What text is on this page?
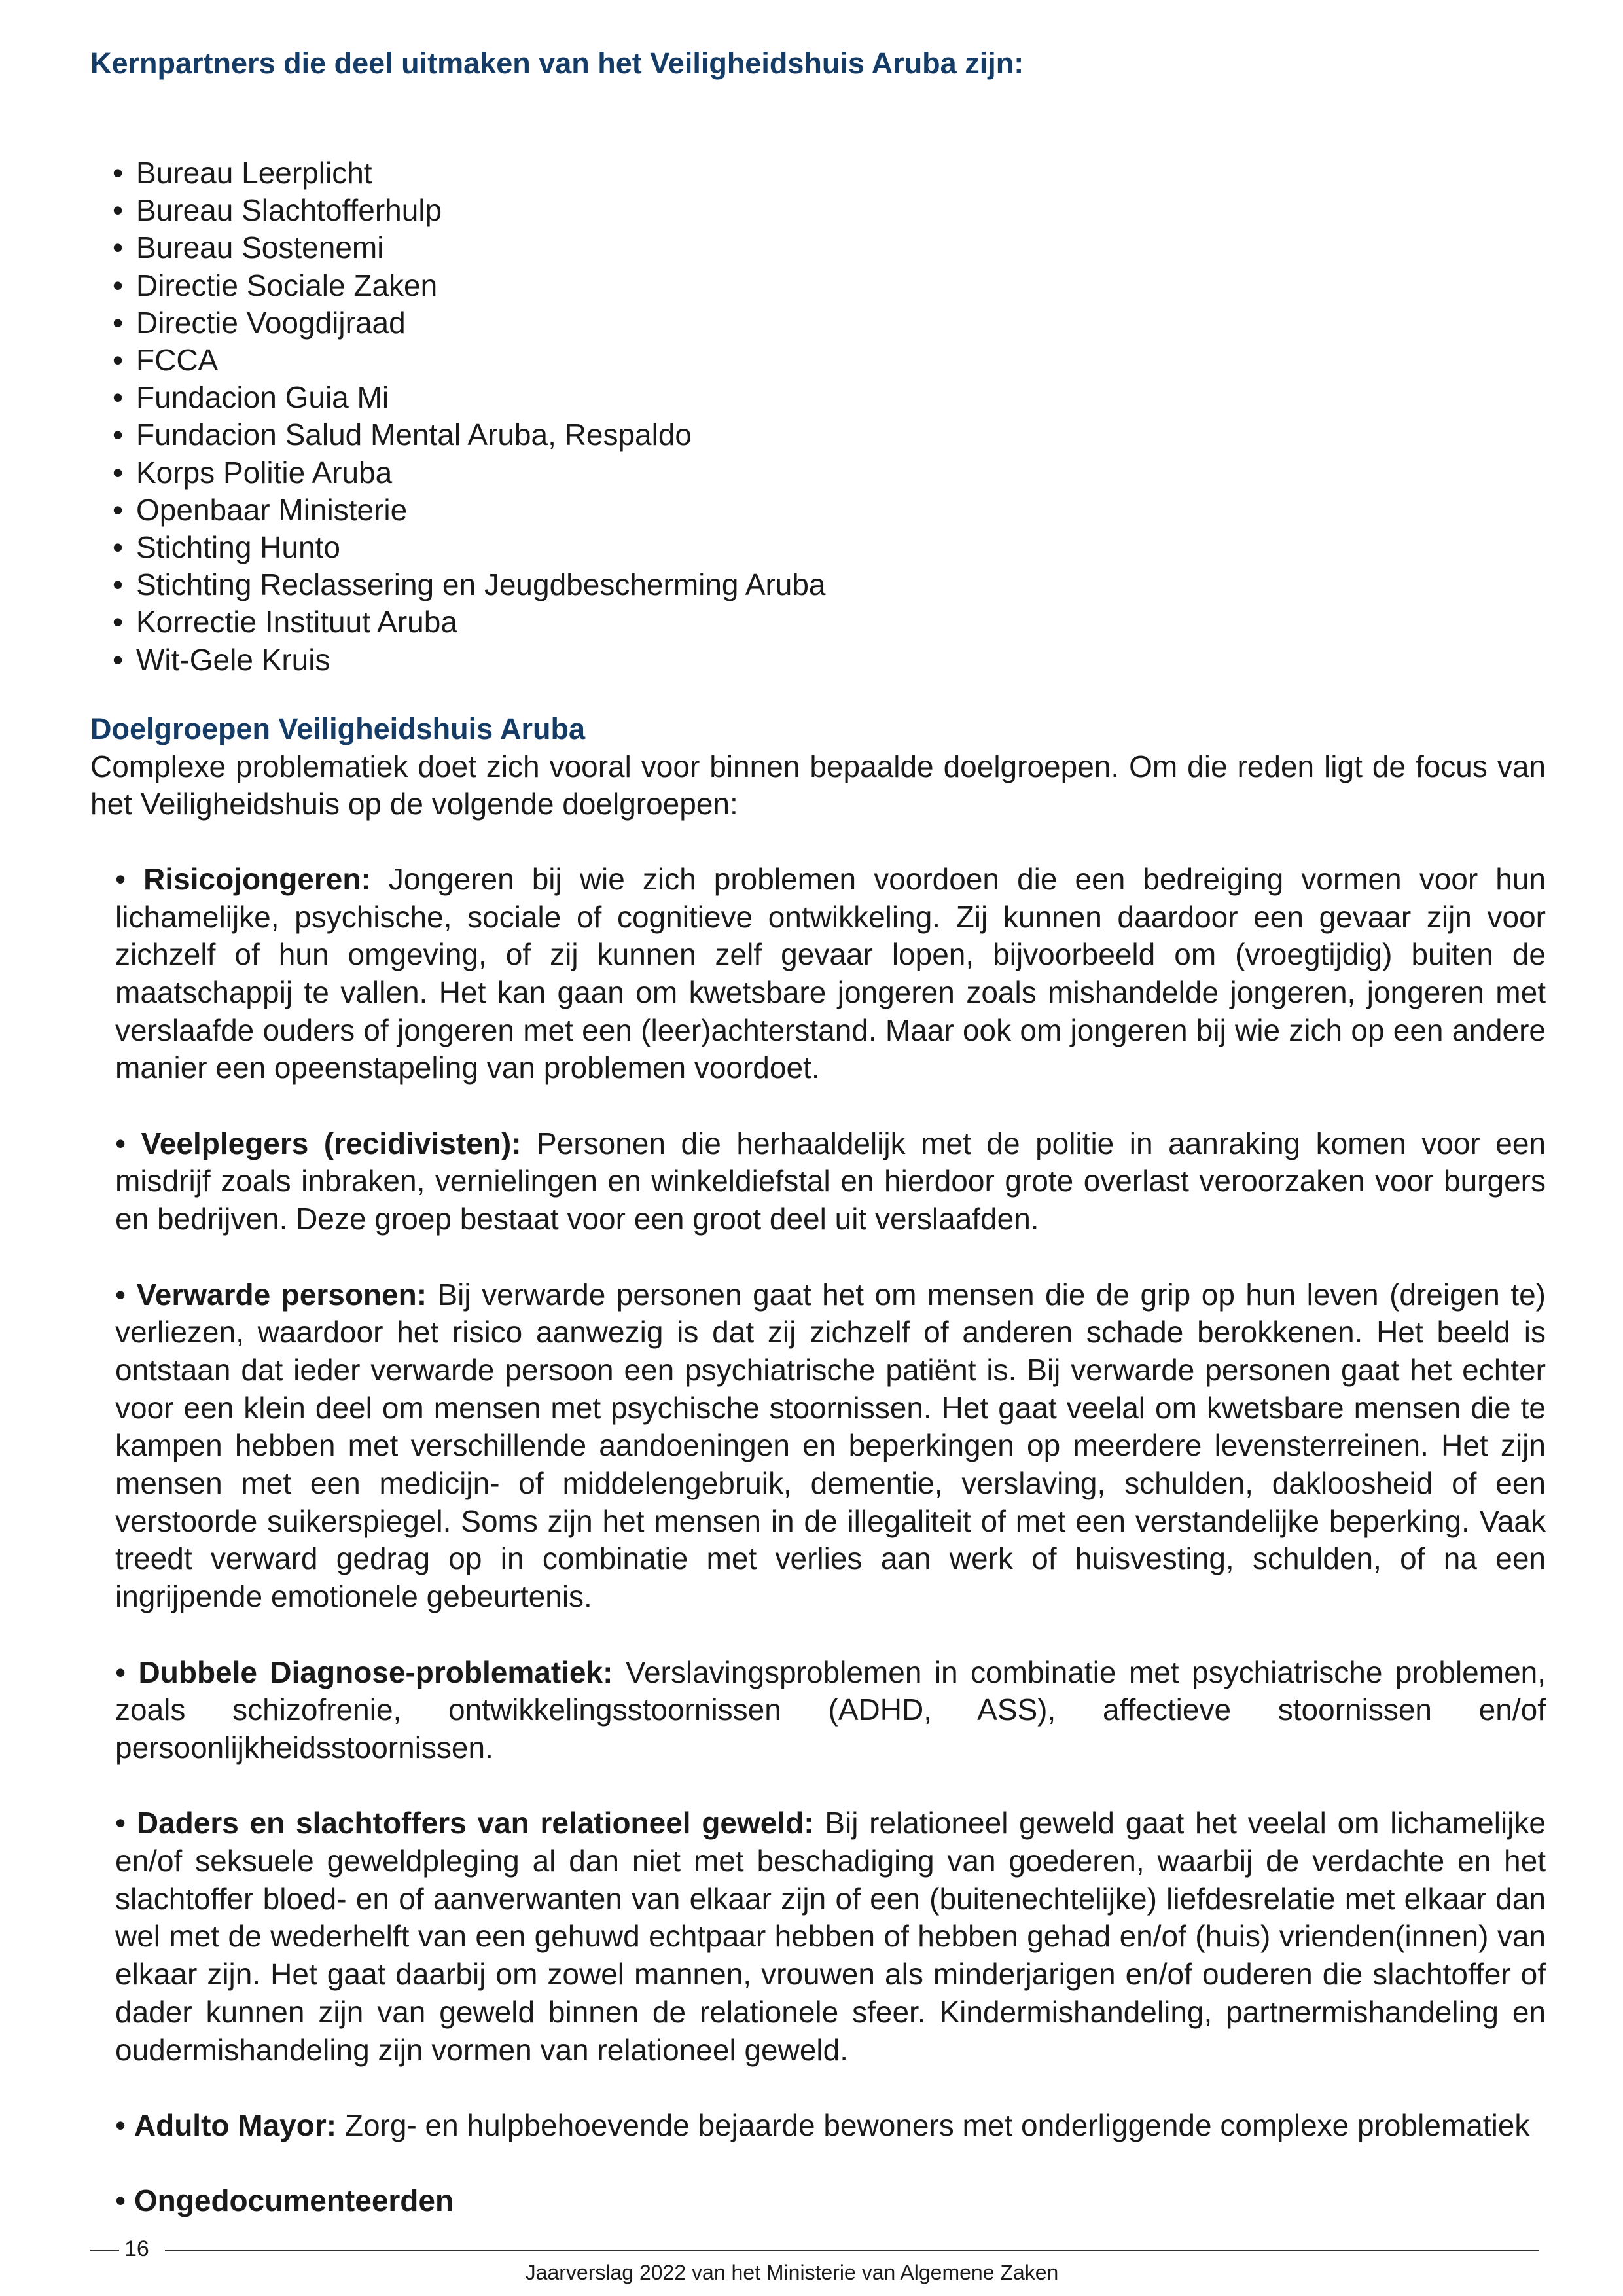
Kernpartners die deel uitmaken van het Veiligheidshuis Aruba zijn:
• Bureau Leerplicht
• Bureau Slachtofferhulp
• Bureau Sostenemi
• Directie Sociale Zaken
• Directie Voogdijraad
• FCCA
• Fundacion Guia Mi
• Fundacion Salud Mental Aruba, Respaldo
• Korps Politie Aruba
• Openbaar Ministerie
• Stichting Hunto
• Stichting Reclassering en Jeugdbescherming Aruba
• Korrectie Instituut Aruba
• Wit-Gele Kruis
Doelgroepen Veiligheidshuis Aruba

Complexe problematiek doet zich vooral voor binnen bepaalde doelgroepen. Om die reden ligt de focus van het Veiligheidshuis op de volgende doelgroepen:

• Risicojongeren: Jongeren bij wie zich problemen voordoen die een bedreiging vormen voor hun lichamelijke, psychische, sociale of cognitieve ontwikkeling. Zij kunnen daardoor een gevaar zijn voor zichzelf of hun omgeving, of zij kunnen zelf gevaar lopen, bijvoorbeeld om (vroegtijdig) buiten de maatschappij te vallen. Het kan gaan om kwetsbare jongeren zoals mishandelde jongeren, jongeren met verslaafde ouders of jongeren met een (leer)achterstand. Maar ook om jongeren bij wie zich op een andere manier een opeenstapeling van problemen voordoet.
• Veelplegers (recidivisten): Personen die herhaaldelijk met de politie in aanraking komen voor een misdrijf zoals inbraken, vernielingen en winkeldiefstal en hierdoor grote overlast veroorzaken voor burgers en bedrijven. Deze groep bestaat voor een groot deel uit verslaafden.
• Verwarde personen: Bij verwarde personen gaat het om mensen die de grip op hun leven (dreigen te) verliezen, waardoor het risico aanwezig is dat zij zichzelf of anderen schade berokkenen. Het beeld is ontstaan dat ieder verwarde persoon een psychiatrische patiënt is. Bij verwarde personen gaat het echter voor een klein deel om mensen met psychische stoornissen. Het gaat veelal om kwetsbare mensen die te kampen hebben met verschillende aandoeningen en beperkingen op meerdere levensterreinen. Het zijn mensen met een medicijn- of middelengebruik, dementie, verslaving, schulden, dakloosheid of een verstoorde suikerspiegel. Soms zijn het mensen in de illegaliteit of met een verstandelijke beperking. Vaak treedt verward gedrag op in combinatie met verlies aan werk of huisvesting, schulden, of na een ingrijpende emotionele gebeurtenis.
• Dubbele Diagnose-problematiek: Verslavingsproblemen in combinatie met psychiatrische problemen, zoals schizofrenie, ontwikkelingsstoornissen (ADHD, ASS), affectieve stoornissen en/of persoonlijkheidsstoornissen.
• Daders en slachtoffers van relationeel geweld: Bij relationeel geweld gaat het veelal om lichamelijke en/of seksuele geweldpleging al dan niet met beschadiging van goederen, waarbij de verdachte en het slachtoffer bloed- en of aanverwanten van elkaar zijn of een (buitenechtelijke) liefdesrelatie met elkaar dan wel met de wederhelft van een gehuwd echtpaar hebben of hebben gehad en/of (huis) vrienden(innen) van elkaar zijn. Het gaat daarbij om zowel mannen, vrouwen als minderjarigen en/of ouderen die slachtoffer of dader kunnen zijn van geweld binnen de relationele sfeer. Kindermishandeling, partnermishandeling en oudermishandeling zijn vormen van relationeel geweld.
• Adulto Mayor: Zorg- en hulpbehoevende bejaarde bewoners met onderliggende complexe problematiek
• Ongedocumenteerden
16
Jaarverslag 2022 van het Ministerie van Algemene Zaken
